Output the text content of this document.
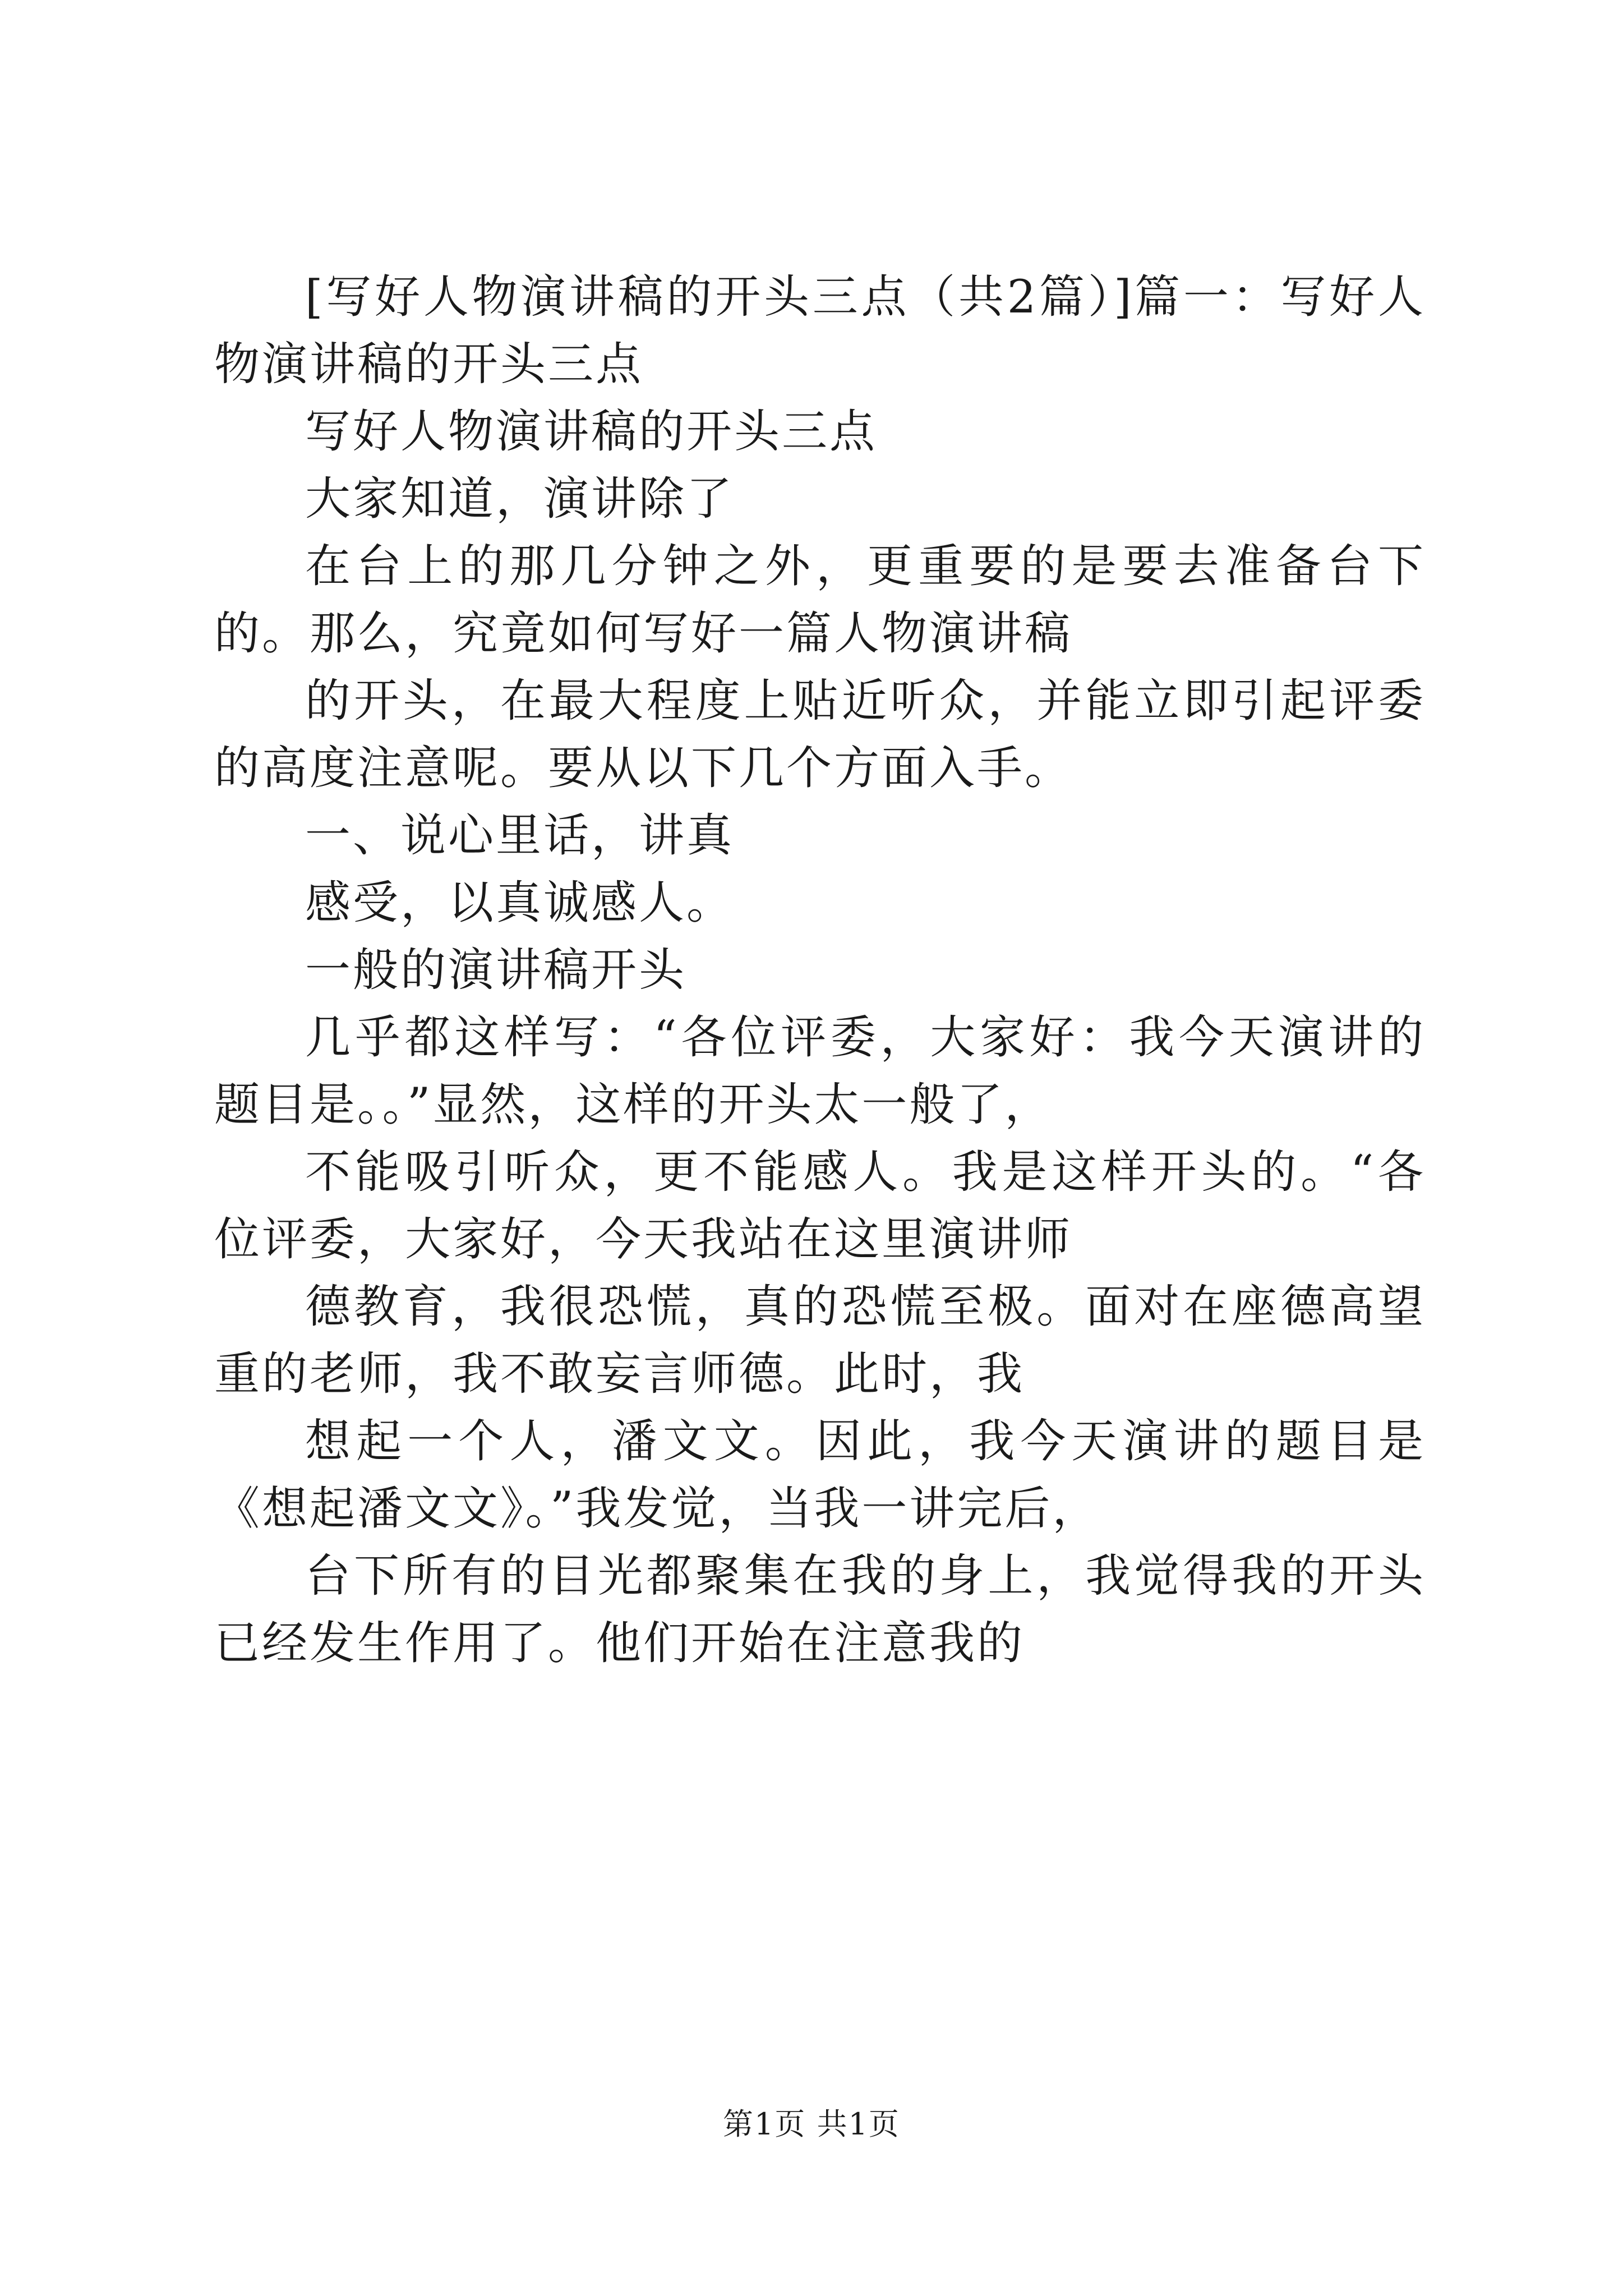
[写好人物演讲稿的开头三点（共2篇）]篇一：写好人物演讲稿的开头三点

写好人物演讲稿的开头三点

大家知道，演讲除了

在台上的那几分钟之外，更重要的是要去准备台下的。那么，究竟如何写好一篇人物演讲稿

的开头，在最大程度上贴近听众，并能立即引起评委的高度注意呢。要从以下几个方面入手。

一、说心里话，讲真

感受，以真诚感人。

一般的演讲稿开头

几乎都这样写：“各位评委，大家好：我今天演讲的题目是。。”显然，这样的开头太一般了，

不能吸引听众，更不能感人。我是这样开头的。“各位评委，大家好，今天我站在这里演讲师

德教育，我很恐慌，真的恐慌至极。面对在座德高望重的老师，我不敢妄言师德。此时，我

想起一个人，潘文文。因此，我今天演讲的题目是《想起潘文文》。”我发觉，当我一讲完后，

台下所有的目光都聚集在我的身上，我觉得我的开头已经发生作用了。他们开始在注意我的

第1页 共1页
